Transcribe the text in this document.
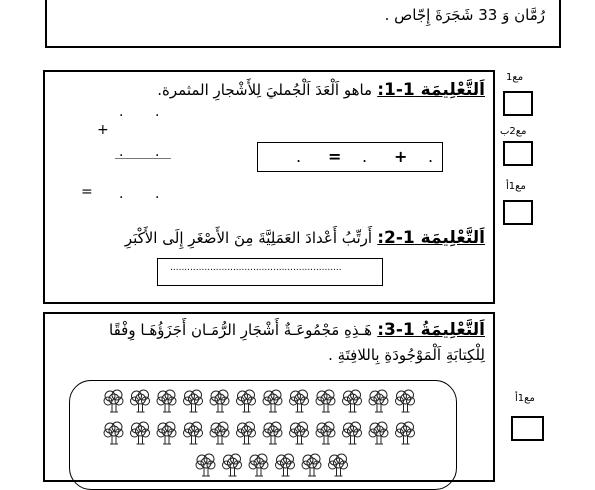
رُمَّان وَ 33 شَجَرَةَ إِجّاص .
اَلتَّعْلِيمَة 1-1: ماهو اَلْعَدَ اَلْجُمليَ لِلأَشْجارِ المثمرة.
. .
+
. .
= . .
. = . + .
اَلتَّعْلِيمَة 1-2: أَرتِّبُ أَعْدادَ العَمَلِيَّةَ مِنَ الأَصْغَرِ إِلَى الأَكْبَرِ
............................................................
اَلتَّعْلِيمَةُ 1-3: هَـذِهِ مَجْمُوعَـةٌ أَشْجَارِ الرُّمَـان أَجَزَؤُهَـا وِفْقًا
لِلْكِتابَةِ اَلْمَوْجُودَةِ بِاللافِتَةِ .
مع1
مع2ب
مع1أ
مع1أ
